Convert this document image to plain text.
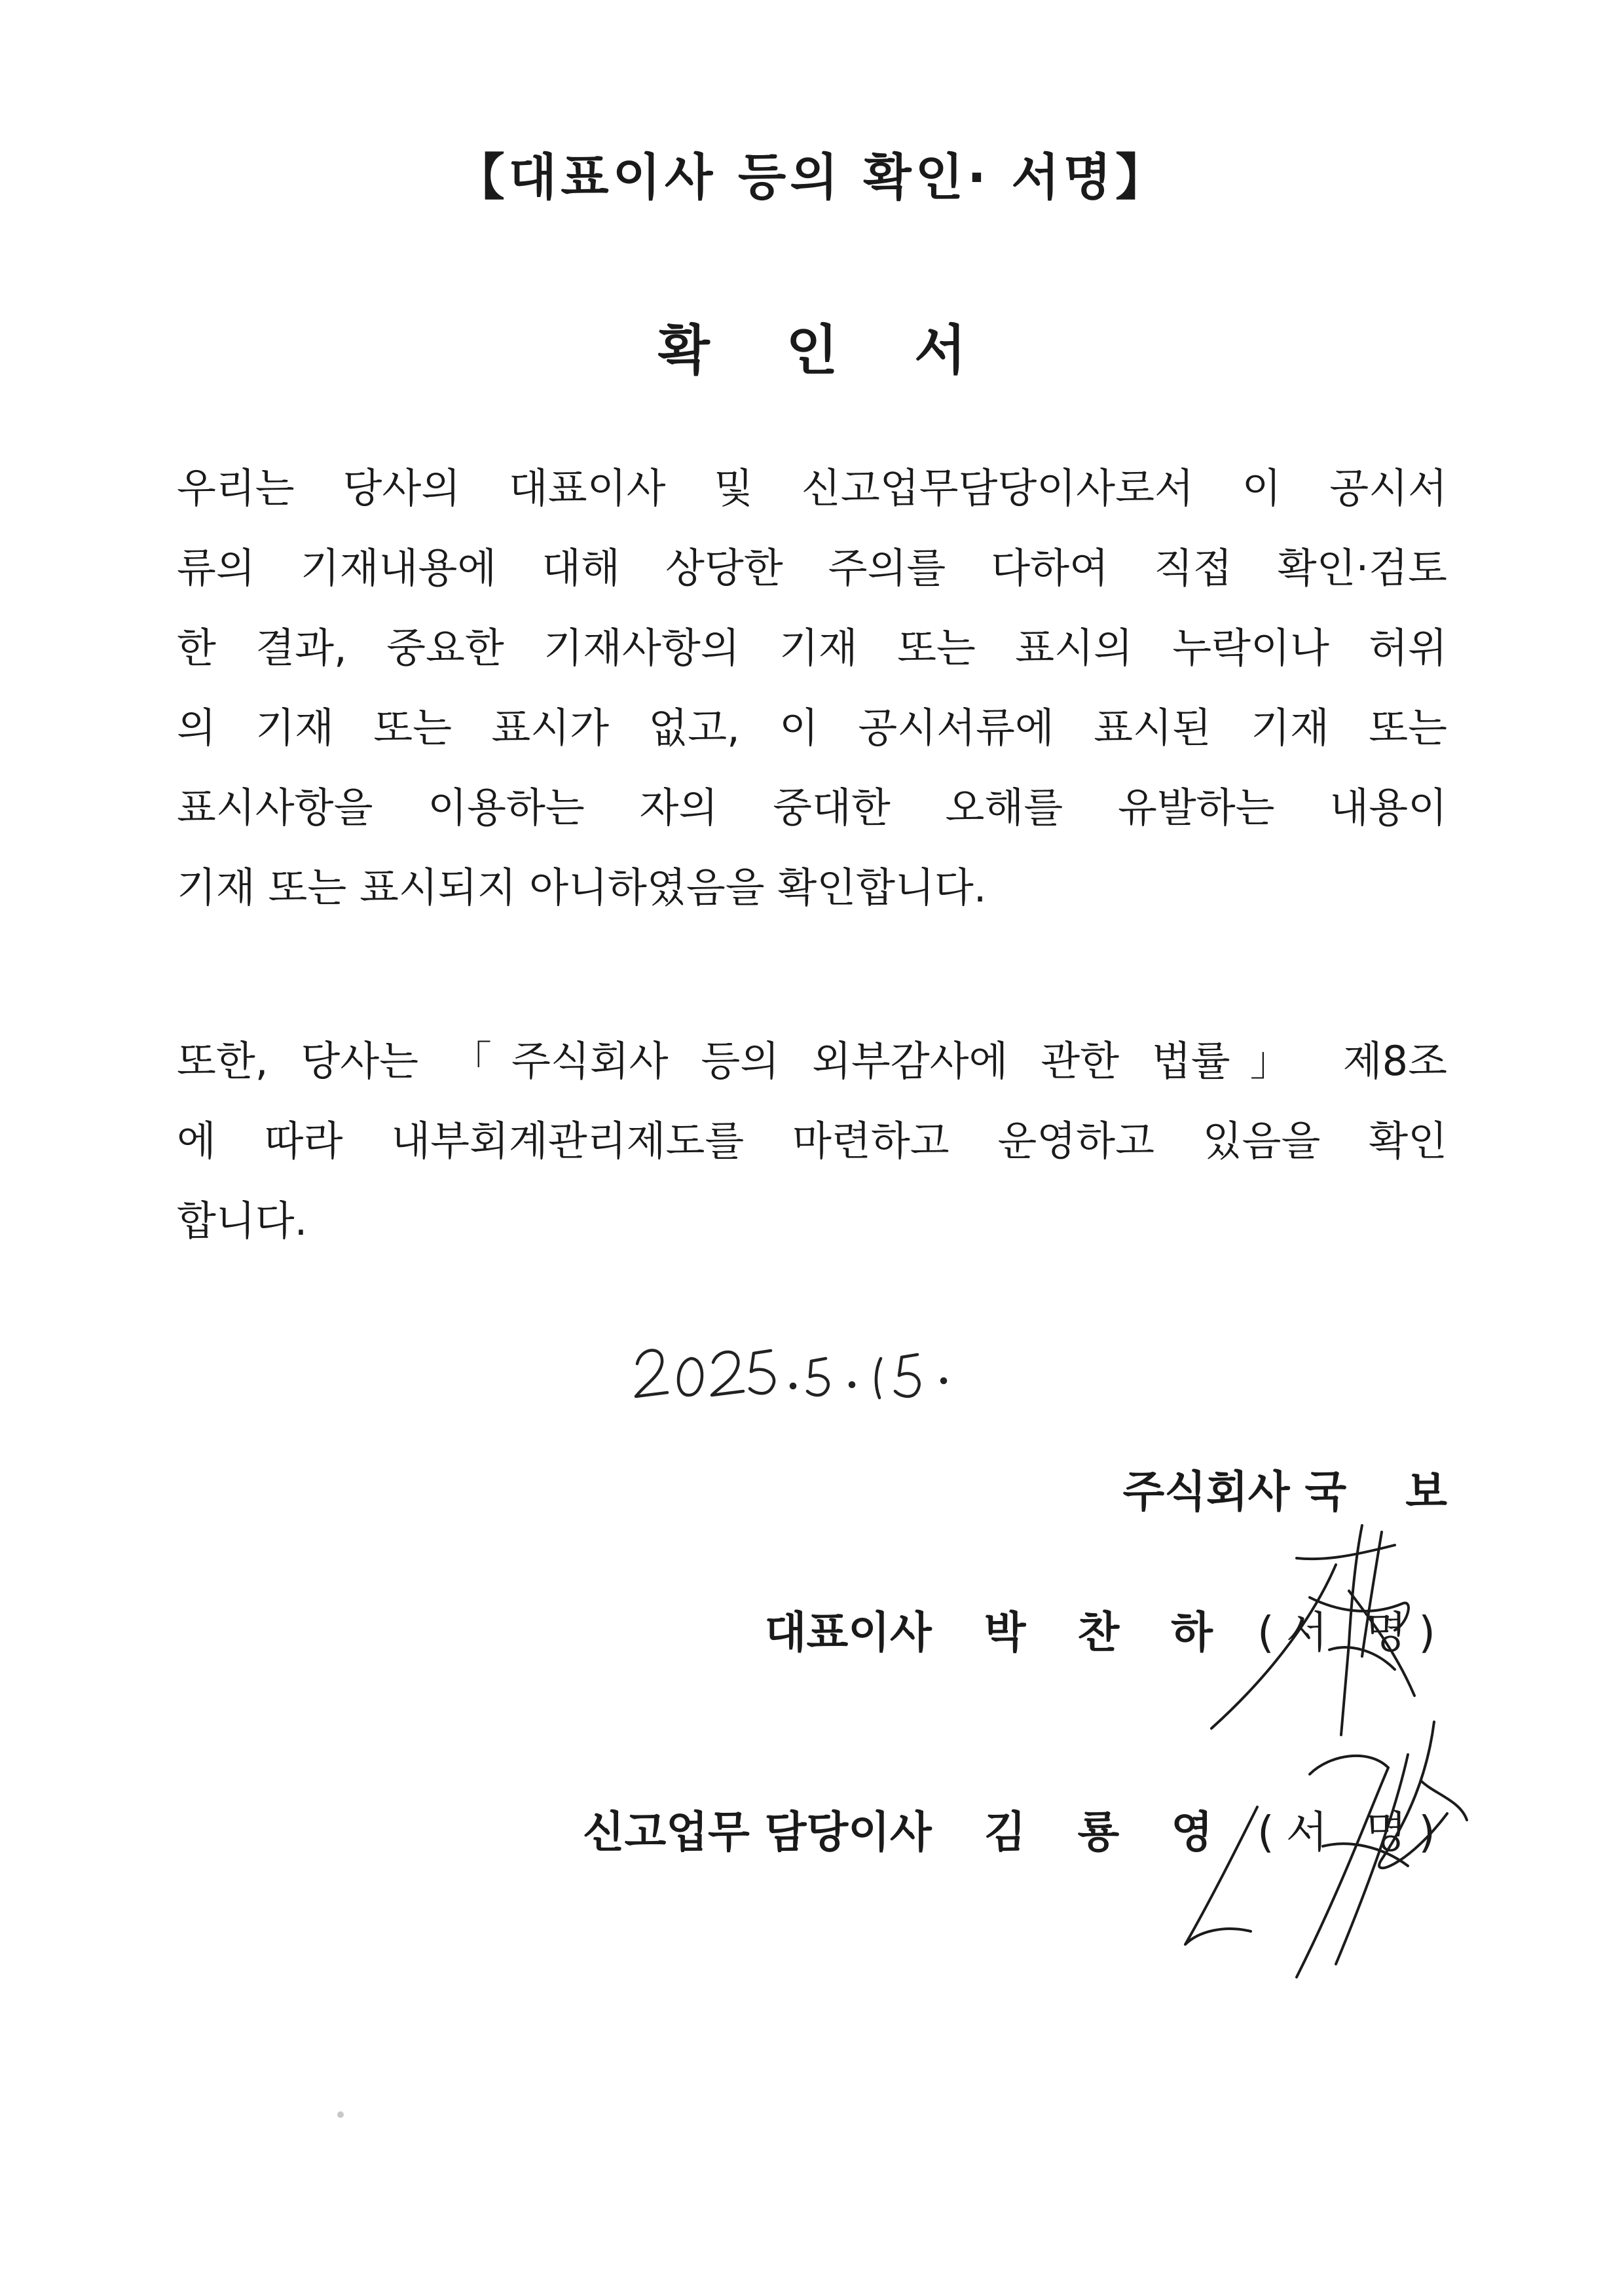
【대표이사 등의 확인· 서명】
확 인 서
우리는 당사의 대표이사 및 신고업무담당이사로서 이 공시서
류의 기재내용에 대해 상당한 주의를 다하여 직접 확인·검토
한 결과, 중요한 기재사항의 기재 또는 표시의 누락이나 허위
의 기재 또는 표시가 없고, 이 공시서류에 표시된 기재 또는
표시사항을 이용하는 자의 중대한 오해를 유발하는 내용이
기재 또는 표시되지 아니하였음을 확인합니다.
또한, 당사는 「주식회사 등의 외부감사에 관한 법률」 제8조
에 따라 내부회계관리제도를 마련하고 운영하고 있음을 확인
합니다.
주식회사 국 보
대표이사 박 찬 하 (서 명)
신고업무 담당이사 김 룡 영 (서 명)
